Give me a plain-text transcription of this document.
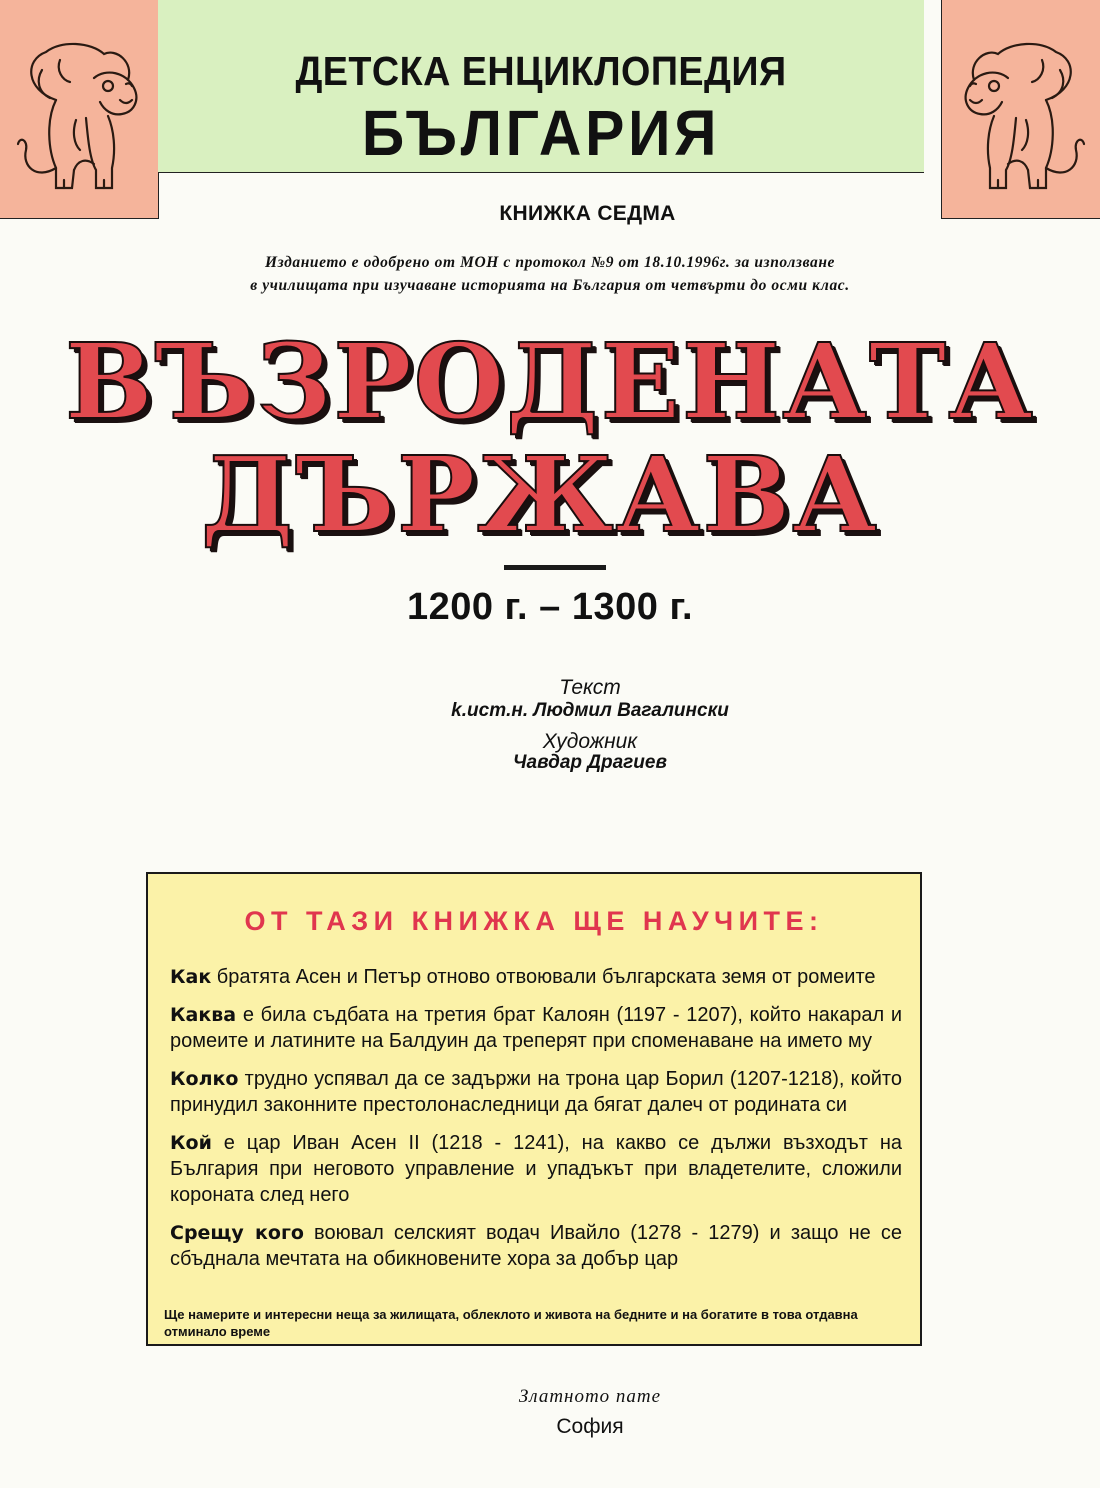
ДЕТСКА ЕНЦИКЛОПЕДИЯ
БЪЛГАРИЯ
КНИЖКА СЕДМА
Изданието е одобрено от МОН с протокол №9 от 18.10.1996г. за използване
в училищата при изучаване историята на България от четвърти до осми клас.
ВЪЗРОДЕНАТА
ДЪРЖАВА
1200 г. – 1300 г.
Текст
k.ucm.н. Людмил Вагалински
Художник
Чавдар Драгиев
ОТ ТАЗИ КНИЖКА ЩЕ НАУЧИТЕ:
Как братята Асен и Петър отново отвоювали българската земя от ромеите
Каква е била съдбата на третия брат Калоян (1197 - 1207), който накарал и ромеите и латините на Балдуин да треперят при споменаване на името му
Колко трудно успявал да се задържи на трона цар Борил (1207-1218), който принудил законните престолонаследници да бягат далеч от родината си
Кой е цар Иван Асен II (1218 - 1241), на какво се дължи възходът на България при неговото управление и упадъкът при владетелите, сложили короната след него
Срещу кого воювал селският водач Ивайло (1278 - 1279) и защо не се сбъднала мечтата на обикновените хора за добър цар
Ще намерите и интересни неща за жилищата, облеклото и живота на бедните и на богатите в това отдавна отминало време
Златното пате
София
